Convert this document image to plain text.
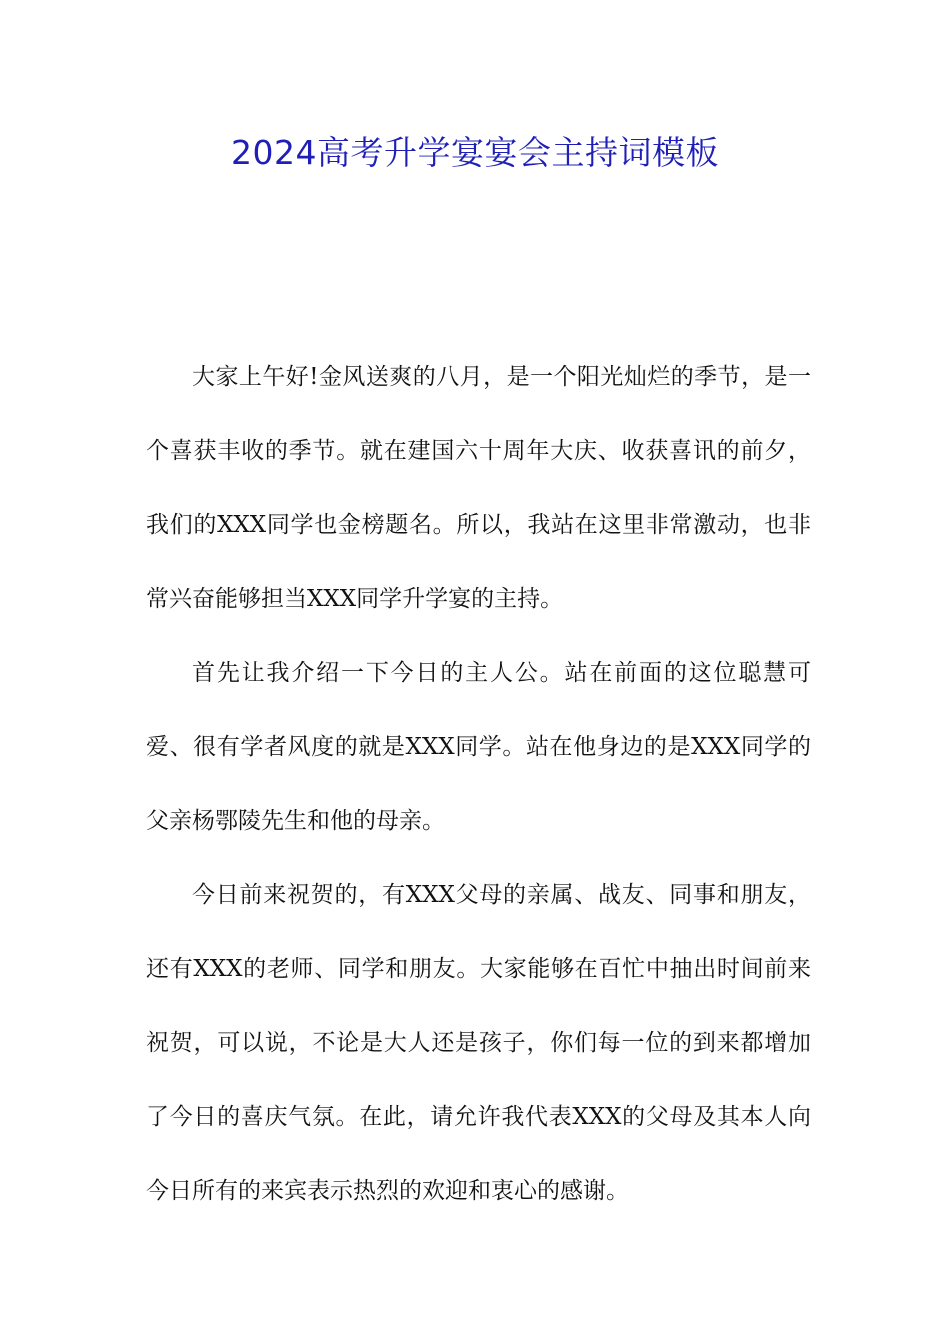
2024高考升学宴宴会主持词模板

大家上午好!金风送爽的八月，是一个阳光灿烂的季节，是一个喜获丰收的季节。就在建国六十周年大庆、收获喜讯的前夕，我们的XXX同学也金榜题名。所以，我站在这里非常激动，也非常兴奋能够担当XXX同学升学宴的主持。

首先让我介绍一下今日的主人公。站在前面的这位聪慧可爱、很有学者风度的就是XXX同学。站在他身边的是XXX同学的父亲杨鄂陵先生和他的母亲。

今日前来祝贺的，有XXX父母的亲属、战友、同事和朋友，还有XXX的老师、同学和朋友。大家能够在百忙中抽出时间前来祝贺，可以说，不论是大人还是孩子，你们每一位的到来都增加了今日的喜庆气氛。在此，请允许我代表XXX的父母及其本人向今日所有的来宾表示热烈的欢迎和衷心的感谢。
